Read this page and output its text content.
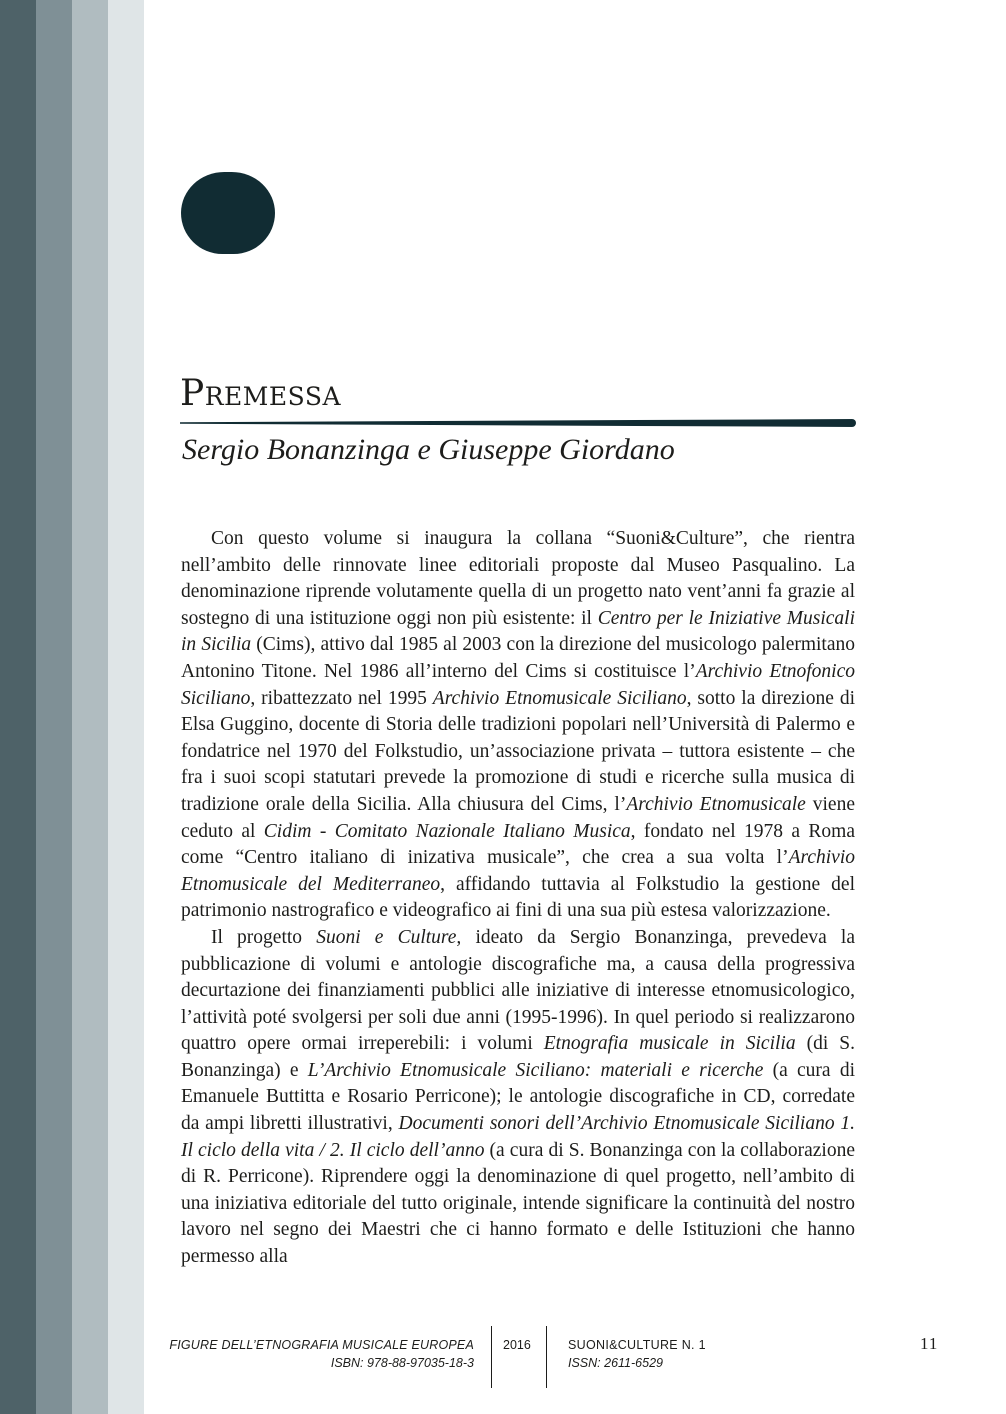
Premessa
Sergio Bonanzinga e Giuseppe Giordano

Con questo volume si inaugura la collana “Suoni&Culture”, che rientra nell’ambito delle rinnovate linee editoriali proposte dal Museo Pasqualino. La denominazione riprende volutamente quella di un progetto nato vent’anni fa grazie al sostegno di una istituzione oggi non più esistente: il Centro per le Iniziative Musicali in Sicilia (Cims), attivo dal 1985 al 2003 con la direzione del musicologo palermitano Antonino Titone. Nel 1986 all’interno del Cims si costituisce l’Archivio Etnofonico Siciliano, ribattezzato nel 1995 Archivio Etnomusicale Siciliano, sotto la direzione di Elsa Guggino, docente di Storia delle tradizioni popolari nell’Università di Palermo e fondatrice nel 1970 del Folkstudio, un’associazione privata – tuttora esistente – che fra i suoi scopi statutari prevede la promozione di studi e ricerche sulla musica di tradizione orale della Sicilia. Alla chiusura del Cims, l’Archivio Etnomusicale viene ceduto al Cidim - Comitato Nazionale Italiano Musica, fondato nel 1978 a Roma come “Centro italiano di inizativa musicale”, che crea a sua volta l’Archivio Etnomusicale del Mediterraneo, affidando tuttavia al Folkstudio la gestione del patrimonio nastrografico e videografico ai fini di una sua più estesa valorizzazione.

Il progetto Suoni e Culture, ideato da Sergio Bonanzinga, prevedeva la pubblicazione di volumi e antologie discografiche ma, a causa della progressiva decurtazione dei finanziamenti pubblici alle iniziative di interesse etnomusicologico, l’attività poté svolgersi per soli due anni (1995-1996). In quel periodo si realizzarono quattro opere ormai irreperebili: i volumi Etnografia musicale in Sicilia (di S. Bonanzinga) e L’Archivio Etnomusicale Siciliano: materiali e ricerche (a cura di Emanuele Buttitta e Rosario Perricone); le antologie discografiche in CD, corredate da ampi libretti illustrativi, Documenti sonori dell’Archivio Etnomusicale Siciliano 1. Il ciclo della vita / 2. Il ciclo dell’anno (a cura di S. Bonanzinga con la collaborazione di R. Perricone). Riprendere oggi la denominazione di quel progetto, nell’ambito di una iniziativa editoriale del tutto originale, intende significare la continuità del nostro lavoro nel segno dei Maestri che ci hanno formato e delle Istituzioni che hanno permesso alla

FIGURE DELL’ETNOGRAFIA MUSICALE EUROPEA
ISBN: 978-88-97035-18-3
2016	SUONI&CULTURE N. 1
ISSN: 2611-6529
11
